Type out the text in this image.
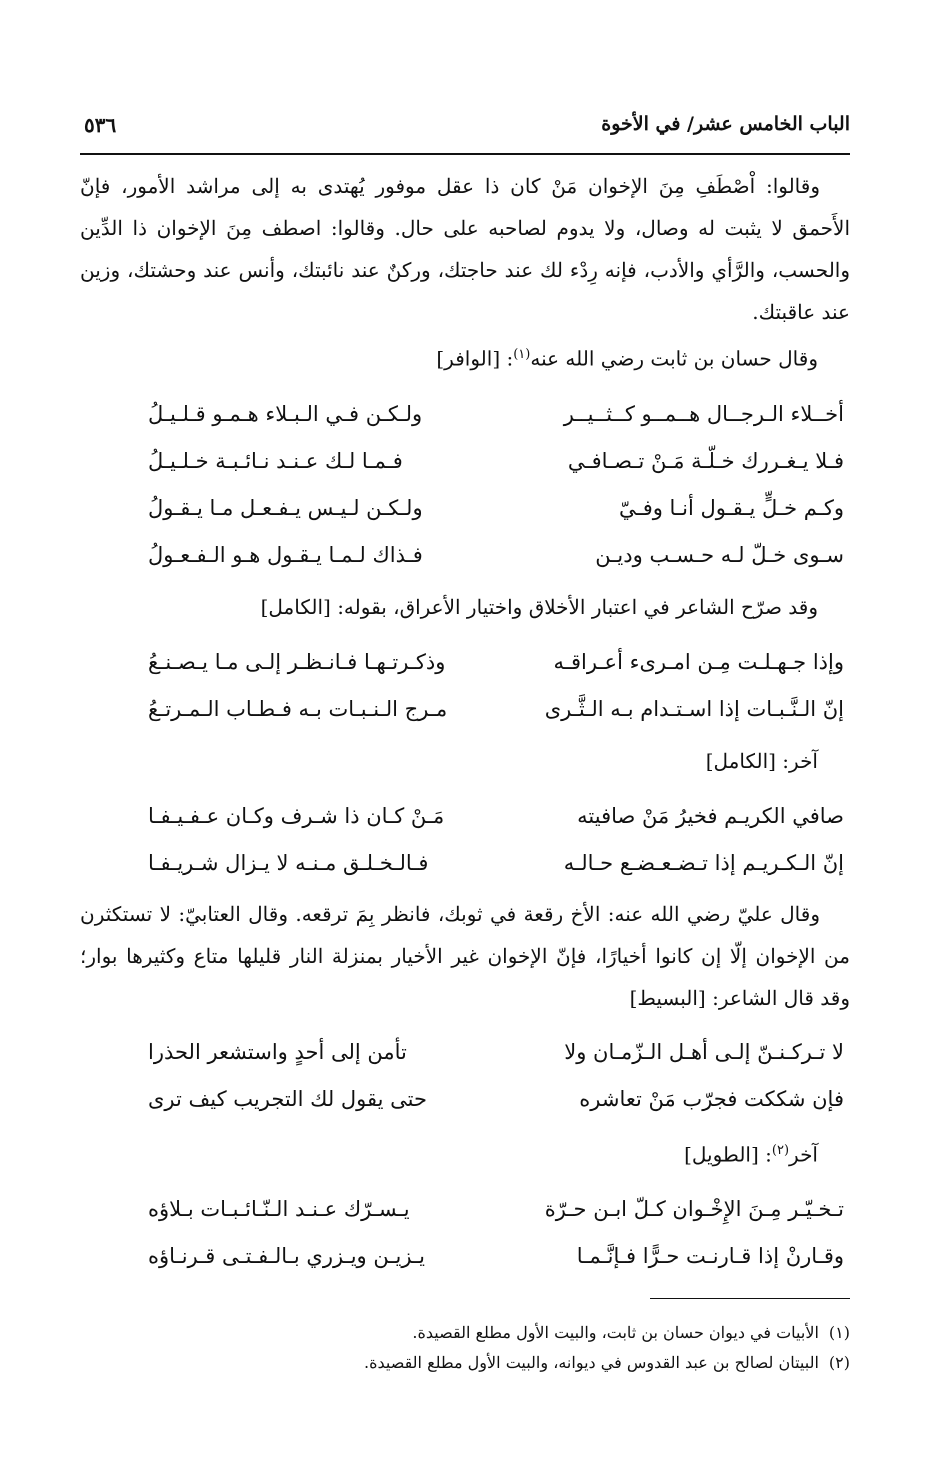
الباب الخامس عشر/ في الأخوة
٥٣٦

وقالوا: اْصْطَفِ مِنَ الإخوان مَنْ كان ذا عقل موفور يُهتدى به إلى مراشد الأمور، فإنّ الأَحمق لا يثبت له وصال، ولا يدوم لصاحبه على حال. وقالوا: اصطف مِنَ الإخوان ذا الدِّين والحسب، والرَّأي والأدب، فإنه رِدْء لك عند حاجتك، وركنٌ عند نائبتك، وأنس عند وحشتك، وزين عند عاقبتك.

وقال حسان بن ثابت رضي الله عنه$^{(١)}$: [الوافر]

أخــلاء الـرجــال هــمــو كــثــيــر
ولـكـن فـي الـبـلاء هـمـو قـلـيـلُ
فـلا يـغـررك خـلّـة مَـنْ تـصـافـي
فـمـا لـك عـنـد نـائـبـة خـلـيـلُ
وكـم خـلٍّ يـقـول أنـا وفـيّ
ولـكـن لـيـس يـفـعـل مـا يـقـولُ
سـوى خـلّ لـه حـسـب وديـن
فـذاك لـمـا يـقـول هـو الـفـعـولُ

وقد صرّح الشاعر في اعتبار الأخلاق واختيار الأعراق، بقوله: [الكامل]

وإذا جـهـلـت مِـن امـرىء أعـراقـه
وذكـرتـهـا فـانـظـر إلـى مـا يـصـنـعُ
إنّ الـنَّـبـات إذا اسـتـدام بـه الـثَّـرى
مـرج الـنـبـات بـه فـطـاب الـمـرتـعُ

آخر: [الكامل]

صافي الكريـم فخيرُ مَنْ صافيته
مَـنْ كـان ذا شـرف وكـان عـفـيـفـا
إنّ الـكـريـم إذا تـضـعـضـع حـالـه
فـالـخـلـق مـنـه لا يـزال شـريـفـا

وقال عليّ رضي الله عنه: الأخ رقعة في ثوبك، فانظر بِمَ ترقعه. وقال العتابيّ: لا تستكثرن من الإخوان إلّا إن كانوا أخيارًا، فإنّ الإخوان غير الأخيار بمنزلة النار قليلها متاع وكثيرها بوار؛ وقد قال الشاعر: [البسيط]

لا تـركـنـنّ إلـى أهـل الـزّمـان ولا
تأمن إلى أحدٍ واستشعر الحذرا
فإن شككت فجرّب مَنْ تعاشره
حتى يقول لك التجريب كيف ترى

آخر$^{(٢)}$: [الطويل]

تـخـيّـر مِـنَ الإِخْـوان كـلّ ابـن حـرّة
يـسـرّك عـنـد الـنّـائـبـات بـلاؤه
وقـارنْ إذا قـارنـت حـرًّا فـإنَّـمـا
يـزيـن ويـزري بـالـفـتـى قـرنـاؤه
(١)
الأبيات في ديوان حسان بن ثابت، والبيت الأول مطلع القصيدة.
(٢)
البيتان لصالح بن عبد القدوس في ديوانه، والبيت الأول مطلع القصيدة.
